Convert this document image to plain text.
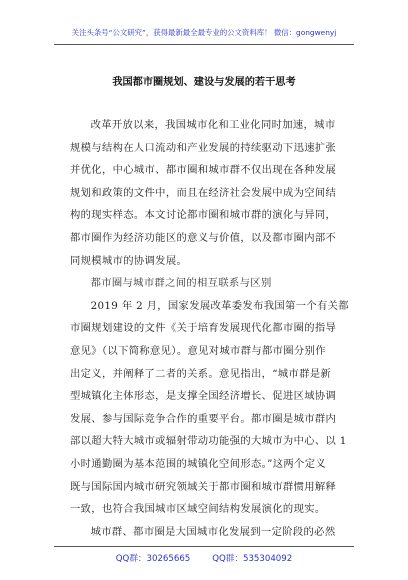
关注头条号“公文研究”，获得最新最全最专业的公文资料库！ 微信：gongwenyj
我国都市圈规划、建设与发展的若干思考
改革开放以来，我国城市化和工业化同时加速，城市
规模与结构在人口流动和产业发展的持续驱动下迅速扩张
并优化，中心城市、都市圈和城市群不仅出现在各种发展
规划和政策的文件中，而且在经济社会发展中成为空间结
构的现实样态。本文讨论都市圈和城市群的演化与异同，
都市圈作为经济功能区的意义与价值，以及都市圈内部不
同规模城市的协调发展。
都市圈与城市群之间的相互联系与区别
2019 年 2 月，国家发展改革委发布我国第一个有关都
市圈规划建设的文件《关于培育发展现代化都市圈的指导
意见》（以下简称意见）。意见对城市群与都市圈分别作
出定义，并阐释了二者的关系。意见指出，“城市群是新
型城镇化主体形态，是支撑全国经济增长、促进区域协调
发展、参与国际竞争合作的重要平台。都市圈是城市群内
部以超大特大城市或辐射带动功能强的大城市为中心、以 1
小时通勤圈为基本范围的城镇化空间形态。”这两个定义
既与国际国内城市研究领域关于都市圈和城市群惯用解释
一致，也符合我国城市区域空间结构发展演化的现实。
城市群、都市圈是大国城市化发展到一定阶段的必然
QQ群：30265665	QQ群：535304092
